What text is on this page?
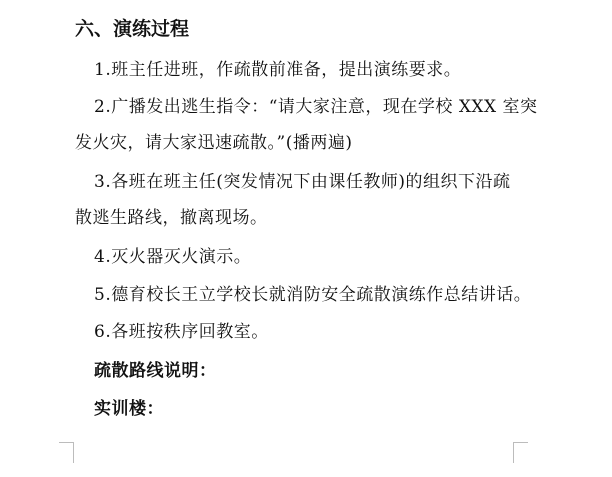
六、演练过程
1.班主任进班，作疏散前准备，提出演练要求。
2.广播发出逃生指令：“请大家注意，现在学校 XXX 室突
发火灾，请大家迅速疏散。”(播两遍)
3.各班在班主任(突发情况下由课任教师)的组织下沿疏
散逃生路线，撤离现场。
4.灭火器灭火演示。
5.德育校长王立学校长就消防安全疏散演练作总结讲话。
6.各班按秩序回教室。
疏散路线说明：
实训楼：
